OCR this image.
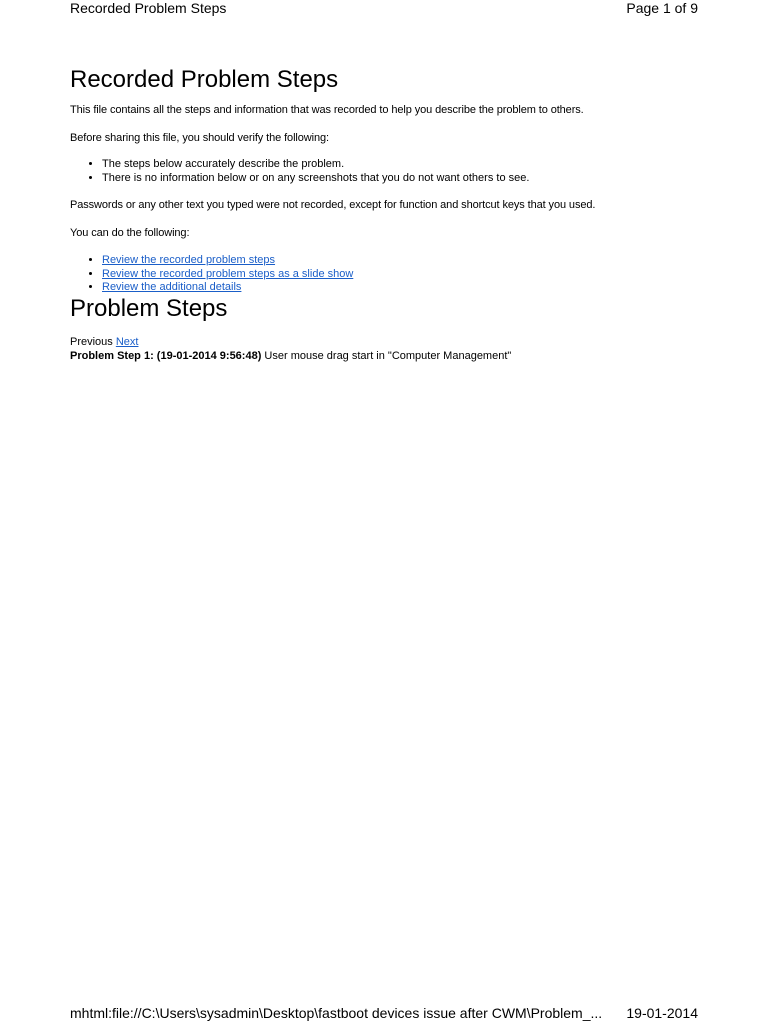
Recorded Problem Steps	Page 1 of 9
Recorded Problem Steps

This file contains all the steps and information that was recorded to help you describe the problem to others.

Before sharing this file, you should verify the following:

• The steps below accurately describe the problem.
• There is no information below or on any screenshots that you do not want others to see.

Passwords or any other text you typed were not recorded, except for function and shortcut keys that you used.

You can do the following:

• Review the recorded problem steps
• Review the recorded problem steps as a slide show
• Review the additional details
Problem Steps
Previous Next
Problem Step 1: (19-01-2014 9:56:48) User mouse drag start in "Computer Management"
mhtml:file://C:\Users\sysadmin\Desktop\fastboot devices issue after CWM\Problem_... 19-01-2014
